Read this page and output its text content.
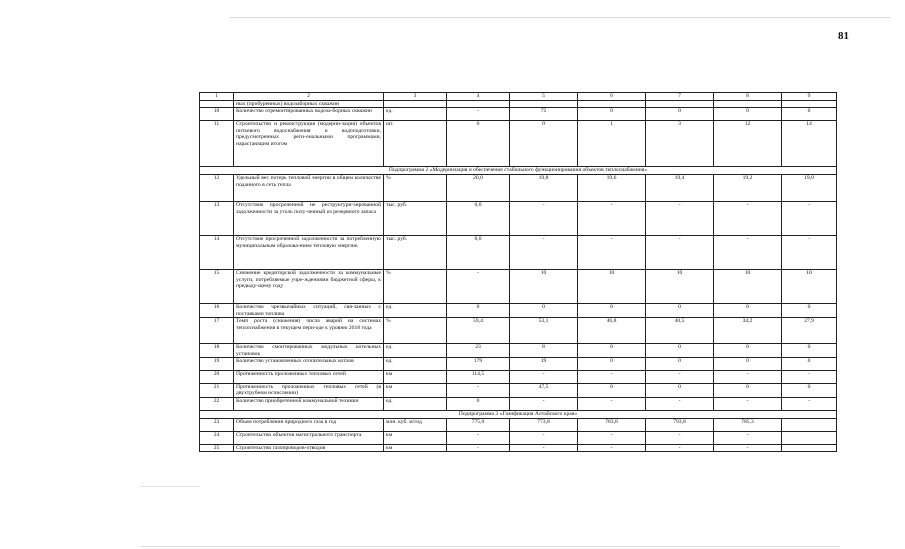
81
1	2	3	4	5	6	7	8	9
	ных (пробуренных) водозаборных скважин							
10	Количество отремонтированных водоза-борных скважин	ед.	-	75	0	0	0	0
11	Строительство и реконструкция (модерни-зация) объектов питьевого водоснабжения и водоподготовки, предусмотренных реги-ональными программами, нарастающим итогом	шт.	0	0	1	3	12	14
Подпрограмма 2 «Модернизация и обеспечение стабильного функционирования объектов теплоснабжения»								
12	Удельный вес потерь тепловой энергии в общем количестве поданного в сеть тепла	%	20,0	19,8	19,6	19,4	19,2	19,0
13	Отсутствие просроченной не реструктури-зированной задолженности за уголь полу-ченный из резервного запаса	тыс. руб.	0,0	-	-	-	-	-
14	Отсутствие просроченной задолженности за потребленную муниципальным образова-нием тепловую энергию	тыс. руб.	0,0	-	-	-	-	-
15	Снижение кредиторской задолженности за коммунальные услуги, потребляемые учре-ждениями бюджетной сферы, к предыду-щему году	%	-	10	10	10	10	10
16	Количество чрезвычайных ситуаций, свя-занных с поставками топлива	ед.	0	0	0	0	0	0
17	Темп роста (снижения) числа аварий на системах теплоснабжения в текущем пери-оде к уровню 2018 года	%	59,4	53,1	46,8	40,5	34,2	27,9
18	Количество смонтированных модульных котельных установок	ед.	23	8	0	0	0	0
19	Количество установленных отопительных котлов	ед.	179	19	0	0	0	0
20	Протяженность проложенных тепловых сетей	км	114,5	-	-	-	-	-
21	Протяженность проложенных тепловых сетей (в двухтрубном исчислении)	км	-	47,5	0	0	0	0
22	Количество приобретенной коммунальной техники	ед.	0	-	-	-	-	-
Подпрограмма 3 «Газификация Алтайского края»								
23	Объем потребления природного газа в год	млн. куб. м/год	775,0	773,8	783,8	793,8	785,3	
24	Строительство объектов магистрального транспорта	км	-	-	-	-	-	
25	Строительство газопроводов-отводов	км	-	-	-	-	-	
